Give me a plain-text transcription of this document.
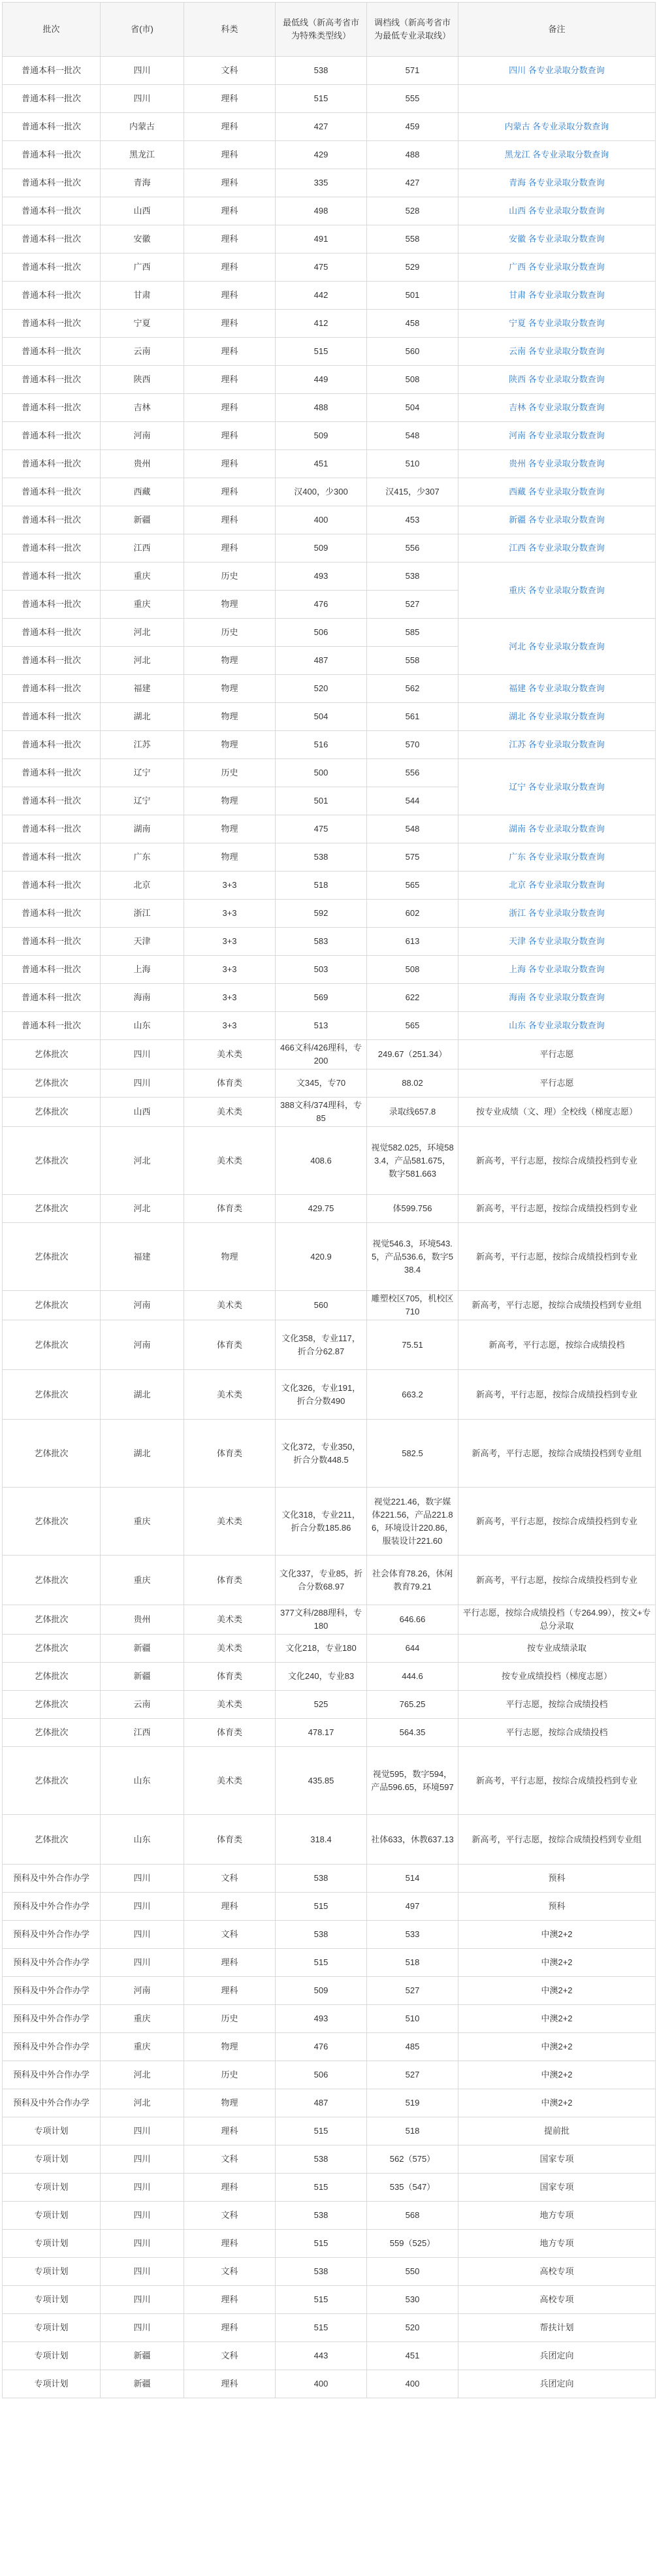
批次	省(市)	科类	最低线（新高考省市为特殊类型线）	调档线（新高考省市为最低专业录取线）	备注
普通本科一批次	四川	文科	538	571	四川 各专业录取分数查询
普通本科一批次	四川	理科	515	555	
普通本科一批次	内蒙古	理科	427	459	内蒙古 各专业录取分数查询
普通本科一批次	黑龙江	理科	429	488	黑龙江 各专业录取分数查询
普通本科一批次	青海	理科	335	427	青海 各专业录取分数查询
普通本科一批次	山西	理科	498	528	山西 各专业录取分数查询
普通本科一批次	安徽	理科	491	558	安徽 各专业录取分数查询
普通本科一批次	广西	理科	475	529	广西 各专业录取分数查询
普通本科一批次	甘肃	理科	442	501	甘肃 各专业录取分数查询
普通本科一批次	宁夏	理科	412	458	宁夏 各专业录取分数查询
普通本科一批次	云南	理科	515	560	云南 各专业录取分数查询
普通本科一批次	陕西	理科	449	508	陕西 各专业录取分数查询
普通本科一批次	吉林	理科	488	504	吉林 各专业录取分数查询
普通本科一批次	河南	理科	509	548	河南 各专业录取分数查询
普通本科一批次	贵州	理科	451	510	贵州 各专业录取分数查询
普通本科一批次	西藏	理科	汉400，少300	汉415，少307	西藏 各专业录取分数查询
普通本科一批次	新疆	理科	400	453	新疆 各专业录取分数查询
普通本科一批次	江西	理科	509	556	江西 各专业录取分数查询
普通本科一批次	重庆	历史	493	538	重庆 各专业录取分数查询
普通本科一批次	重庆	物理	476	527	
普通本科一批次	河北	历史	506	585	河北 各专业录取分数查询
普通本科一批次	河北	物理	487	558	
普通本科一批次	福建	物理	520	562	福建 各专业录取分数查询
普通本科一批次	湖北	物理	504	561	湖北 各专业录取分数查询
普通本科一批次	江苏	物理	516	570	江苏 各专业录取分数查询
普通本科一批次	辽宁	历史	500	556	辽宁 各专业录取分数查询
普通本科一批次	辽宁	物理	501	544	
普通本科一批次	湖南	物理	475	548	湖南 各专业录取分数查询
普通本科一批次	广东	物理	538	575	广东 各专业录取分数查询
普通本科一批次	北京	3+3	518	565	北京 各专业录取分数查询
普通本科一批次	浙江	3+3	592	602	浙江 各专业录取分数查询
普通本科一批次	天津	3+3	583	613	天津 各专业录取分数查询
普通本科一批次	上海	3+3	503	508	上海 各专业录取分数查询
普通本科一批次	海南	3+3	569	622	海南 各专业录取分数查询
普通本科一批次	山东	3+3	513	565	山东 各专业录取分数查询
艺体批次	四川	美术类	466文科/426理科，专200	249.67（251.34）	平行志愿
艺体批次	四川	体育类	文345，专70	88.02	平行志愿
艺体批次	山西	美术类	388文科/374理科，专85	录取线657.8	按专业成绩（文、理）全校线（梯度志愿）
艺体批次	河北	美术类	408.6	视觉582.025，环境583.4，产品581.675，数字581.663	新高考，平行志愿，按综合成绩投档到专业
艺体批次	河北	体育类	429.75	体599.756	新高考，平行志愿，按综合成绩投档到专业
艺体批次	福建	物理	420.9	视觉546.3，环境543.5，产品536.6，数字538.4	新高考，平行志愿，按综合成绩投档到专业
艺体批次	河南	美术类	560	雕塑校区705，机校区710	新高考，平行志愿，按综合成绩投档到专业组
艺体批次	河南	体育类	文化358，专业117，折合分62.87	75.51	新高考，平行志愿，按综合成绩投档
艺体批次	湖北	美术类	文化326，专业191，折合分数490	663.2	新高考，平行志愿，按综合成绩投档到专业
艺体批次	湖北	体育类	文化372，专业350，折合分数448.5	582.5	新高考，平行志愿，按综合成绩投档到专业组
艺体批次	重庆	美术类	文化318，专业211，折合分数185.86	视觉221.46，数字媒体221.56，产品221.86，环境设计220.86，服装设计221.60	新高考，平行志愿，按综合成绩投档到专业
艺体批次	重庆	体育类	文化337，专业85，折合分数68.97	社会体育78.26，休闲教育79.21	新高考，平行志愿，按综合成绩投档到专业
艺体批次	贵州	美术类	377文科/288理科，专180	646.66	平行志愿，按综合成绩投档（专264.99），按文+专总分录取
艺体批次	新疆	美术类	文化218，专业180	644	按专业成绩录取
艺体批次	新疆	体育类	文化240，专业83	444.6	按专业成绩投档（梯度志愿）
艺体批次	云南	美术类	525	765.25	平行志愿，按综合成绩投档
艺体批次	江西	体育类	478.17	564.35	平行志愿，按综合成绩投档
艺体批次	山东	美术类	435.85	视觉595，数字594，产品596.65，环境597	新高考，平行志愿，按综合成绩投档到专业
艺体批次	山东	体育类	318.4	社体633，休教637.13	新高考，平行志愿，按综合成绩投档到专业组
预科及中外合作办学	四川	文科	538	514	预科
预科及中外合作办学	四川	理科	515	497	预科
预科及中外合作办学	四川	文科	538	533	中澳2+2
预科及中外合作办学	四川	理科	515	518	中澳2+2
预科及中外合作办学	河南	理科	509	527	中澳2+2
预科及中外合作办学	重庆	历史	493	510	中澳2+2
预科及中外合作办学	重庆	物理	476	485	中澳2+2
预科及中外合作办学	河北	历史	506	527	中澳2+2
预科及中外合作办学	河北	物理	487	519	中澳2+2
专项计划	四川	理科	515	518	提前批
专项计划	四川	文科	538	562（575）	国家专项
专项计划	四川	理科	515	535（547）	国家专项
专项计划	四川	文科	538	568	地方专项
专项计划	四川	理科	515	559（525）	地方专项
专项计划	四川	文科	538	550	高校专项
专项计划	四川	理科	515	530	高校专项
专项计划	四川	理科	515	520	帮扶计划
专项计划	新疆	文科	443	451	兵团定向
专项计划	新疆	理科	400	400	兵团定向
